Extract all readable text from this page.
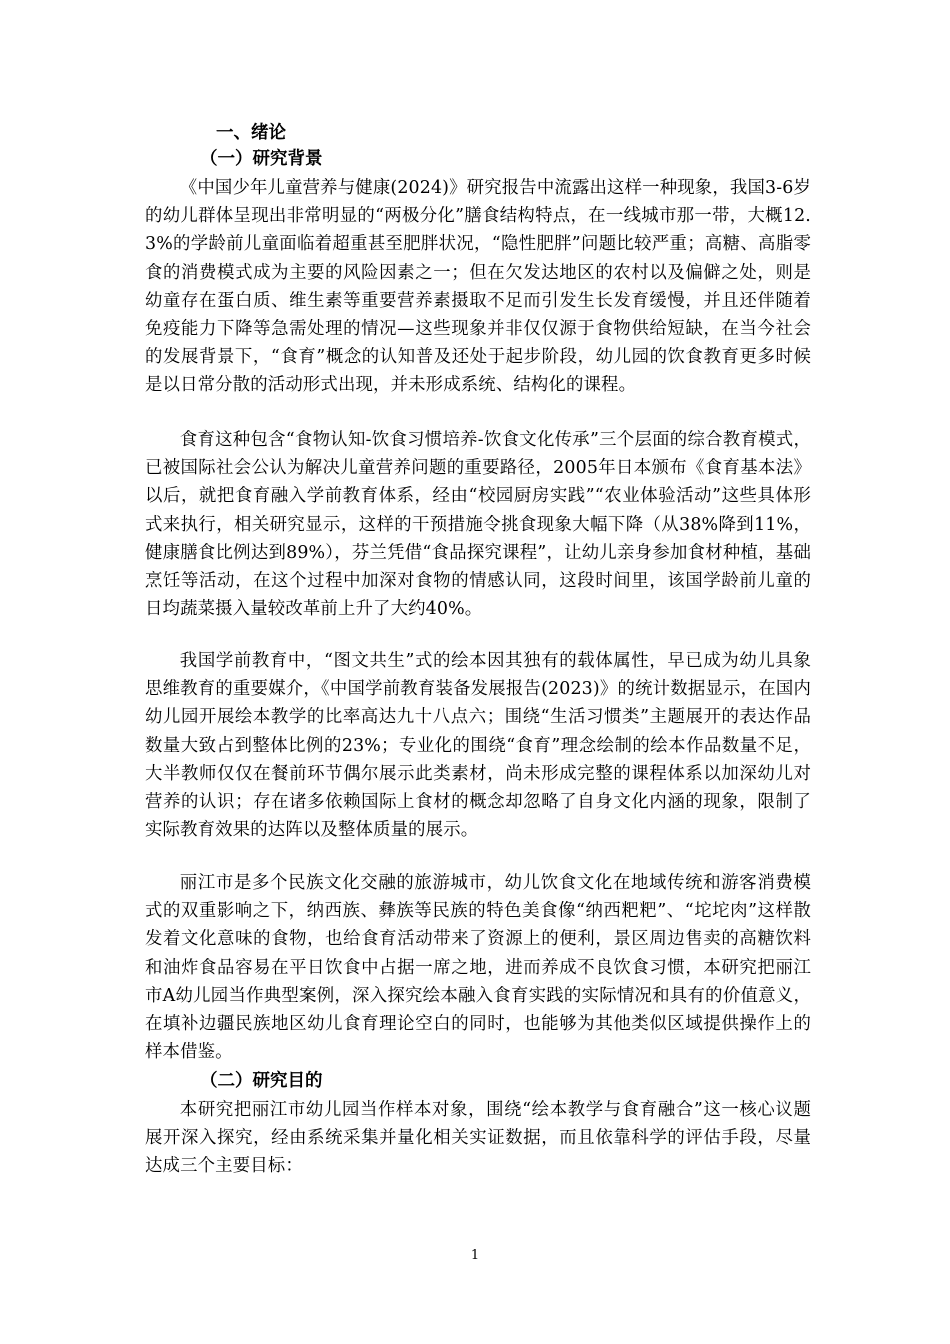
一、绪论
（一）研究背景

《中国少年儿童营养与健康(2024)》研究报告中流露出这样一种现象，我国3-6岁的幼儿群体呈现出非常明显的“两极分化”膳食结构特点，在一线城市那一带，大概12.3%的学龄前儿童面临着超重甚至肥胖状况，“隐性肥胖”问题比较严重；高糖、高脂零食的消费模式成为主要的风险因素之一；但在欠发达地区的农村以及偏僻之处，则是幼童存在蛋白质、维生素等重要营养素摄取不足而引发生长发育缓慢，并且还伴随着免疫能力下降等急需处理的情况—这些现象并非仅仅源于食物供给短缺，在当今社会的发展背景下，“食育”概念的认知普及还处于起步阶段，幼儿园的饮食教育更多时候是以日常分散的活动形式出现，并未形成系统、结构化的课程。

食育这种包含“食物认知-饮食习惯培养-饮食文化传承”三个层面的综合教育模式，已被国际社会公认为解决儿童营养问题的重要路径，2005年日本颁布《食育基本法》以后，就把食育融入学前教育体系，经由“校园厨房实践”“农业体验活动”这些具体形式来执行，相关研究显示，这样的干预措施令挑食现象大幅下降（从38%降到11%，健康膳食比例达到89%），芬兰凭借“食品探究课程”，让幼儿亲身参加食材种植，基础烹饪等活动，在这个过程中加深对食物的情感认同，这段时间里，该国学龄前儿童的日均蔬菜摄入量较改革前上升了大约40%。

我国学前教育中，“图文共生”式的绘本因其独有的载体属性，早已成为幼儿具象思维教育的重要媒介，《中国学前教育装备发展报告(2023)》的统计数据显示，在国内幼儿园开展绘本教学的比率高达九十八点六；围绕“生活习惯类”主题展开的表达作品数量大致占到整体比例的23%；专业化的围绕“食育”理念绘制的绘本作品数量不足，大半教师仅仅在餐前环节偶尔展示此类素材，尚未形成完整的课程体系以加深幼儿对营养的认识；存在诸多依赖国际上食材的概念却忽略了自身文化内涵的现象，限制了实际教育效果的达阵以及整体质量的展示。

丽江市是多个民族文化交融的旅游城市，幼儿饮食文化在地域传统和游客消费模式的双重影响之下，纳西族、彝族等民族的特色美食像“纳西粑粑”、“坨坨肉”这样散发着文化意味的食物，也给食育活动带来了资源上的便利，景区周边售卖的高糖饮料和油炸食品容易在平日饮食中占据一席之地，进而养成不良饮食习惯，本研究把丽江市A幼儿园当作典型案例，深入探究绘本融入食育实践的实际情况和具有的价值意义，在填补边疆民族地区幼儿食育理论空白的同时，也能够为其他类似区域提供操作上的样本借鉴。

（二）研究目的

本研究把丽江市幼儿园当作样本对象，围绕“绘本教学与食育融合”这一核心议题展开深入探究，经由系统采集并量化相关实证数据，而且依靠科学的评估手段，尽量达成三个主要目标：

1
